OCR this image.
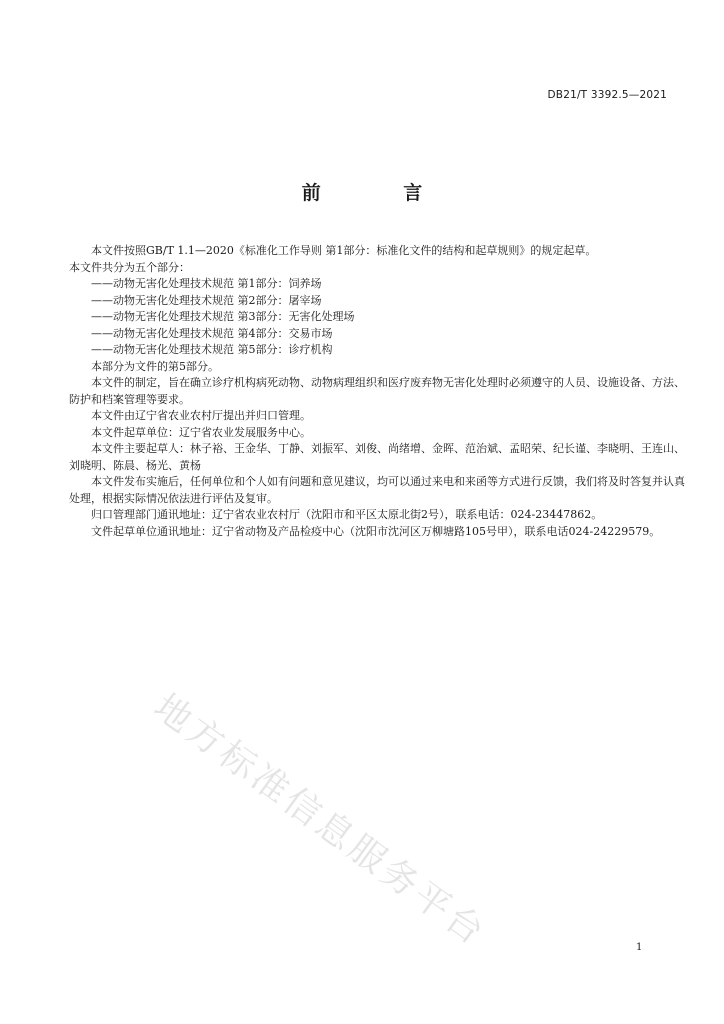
DB21/T 3392.5—2021
前 言

本文件按照GB/T 1.1—2020《标准化工作导则 第1部分：标准化文件的结构和起草规则》的规定起草。

本文件共分为五个部分：

——动物无害化处理技术规范 第1部分：饲养场

——动物无害化处理技术规范 第2部分：屠宰场

——动物无害化处理技术规范 第3部分：无害化处理场

——动物无害化处理技术规范 第4部分：交易市场

——动物无害化处理技术规范 第5部分：诊疗机构

本部分为文件的第5部分。

本文件的制定，旨在确立诊疗机构病死动物、动物病理组织和医疗废弃物无害化处理时必须遵守的人员、设施设备、方法、防护和档案管理等要求。

本文件由辽宁省农业农村厅提出并归口管理。

本文件起草单位：辽宁省农业发展服务中心。

本文件主要起草人：林子裕、王金华、丁静、刘振军、刘俊、尚绪增、金晖、范治斌、孟昭荣、纪长谨、李晓明、王连山、刘晓明、陈晨、杨光、黄杨

本文件发布实施后，任何单位和个人如有问题和意见建议，均可以通过来电和来函等方式进行反馈，我们将及时答复并认真处理，根据实际情况依法进行评估及复审。

归口管理部门通讯地址：辽宁省农业农村厅（沈阳市和平区太原北街2号），联系电话：024-23447862。

文件起草单位通讯地址：辽宁省动物及产品检疫中心（沈阳市沈河区万柳塘路105号甲），联系电话024-24229579。

地方标准信息服务平台	1
